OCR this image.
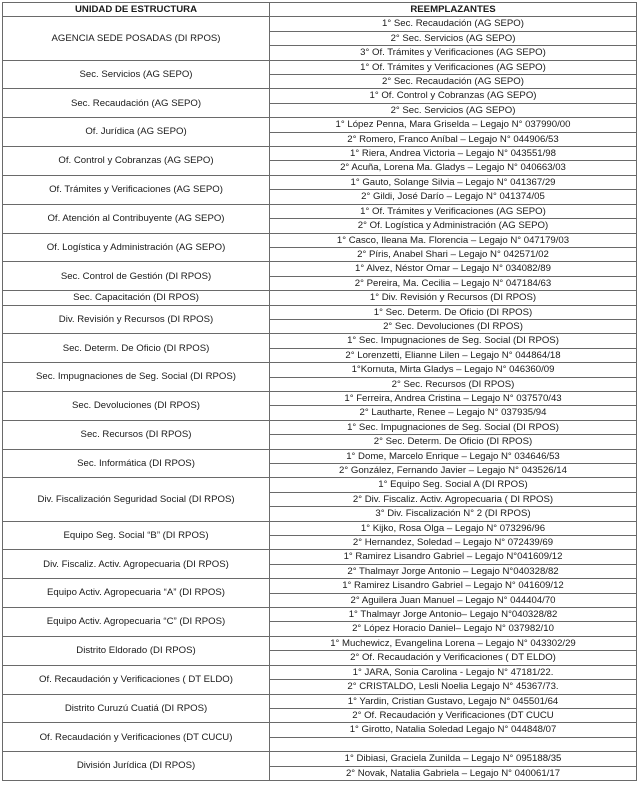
UNIDAD DE ESTRUCTURA	REEMPLAZANTES
AGENCIA SEDE POSADAS (DI RPOS)	1° Sec. Recaudación (AG SEPO)
	2° Sec. Servicios (AG SEPO)
	3° Of. Trámites y Verificaciones (AG SEPO)
Sec. Servicios (AG SEPO)	1° Of. Trámites y Verificaciones (AG SEPO)
	2° Sec. Recaudación (AG SEPO)
Sec. Recaudación (AG SEPO)	1° Of. Control y Cobranzas (AG SEPO)
	2° Sec. Servicios (AG SEPO)
Of. Jurídica (AG SEPO)	1° López Penna, Mara Griselda – Legajo N° 037990/00
	2° Romero, Franco Aníbal – Legajo N° 044906/53
Of. Control y Cobranzas (AG SEPO)	1° Riera, Andrea Victoria – Legajo N° 043551/98
	2° Acuña, Lorena Ma. Gladys – Legajo N° 040663/03
Of. Trámites y Verificaciones (AG SEPO)	1° Gauto, Solange Silvia – Legajo N° 041367/29
	2° Gildi, José Darío – Legajo N° 041374/05
Of. Atención al Contribuyente (AG SEPO)	1° Of. Trámites y Verificaciones (AG SEPO)
	2° Of. Logística y Administración (AG SEPO)
Of. Logística y Administración (AG SEPO)	1° Casco, Ileana Ma. Florencia – Legajo N° 047179/03
	2° Píris, Anabel Shari – Legajo N° 042571/02
Sec. Control de Gestión (DI RPOS)	1° Alvez, Néstor Omar – Legajo N° 034082/89
	2° Pereira, Ma. Cecilia – Legajo N° 047184/63
Sec. Capacitación (DI RPOS)	1° Div. Revisión y Recursos (DI RPOS)
Div. Revisión y Recursos (DI RPOS)	1° Sec. Determ. De Oficio (DI RPOS)
	2° Sec. Devoluciones (DI RPOS)
Sec. Determ. De Oficio (DI RPOS)	1° Sec. Impugnaciones de Seg. Social (DI RPOS)
	2° Lorenzetti, Elianne Lilen – Legajo N° 044864/18
Sec. Impugnaciones de Seg. Social (DI RPOS)	1°Kornuta, Mirta Gladys – Legajo N° 046360/09
	2° Sec. Recursos (DI RPOS)
Sec. Devoluciones (DI RPOS)	1° Ferreira, Andrea Cristina – Legajo N° 037570/43
	2° Lautharte, Renee – Legajo N° 037935/94
Sec. Recursos (DI RPOS)	1° Sec. Impugnaciones de Seg. Social (DI RPOS)
	2° Sec. Determ. De Oficio (DI RPOS)
Sec. Informática (DI RPOS)	1° Dome, Marcelo Enrique – Legajo N° 034646/53
	2° González, Fernando Javier – Legajo N° 043526/14
Div. Fiscalización Seguridad Social (DI RPOS)	1° Equipo Seg. Social A (DI RPOS)
	2° Div. Fiscaliz. Activ. Agropecuaria ( DI RPOS)
	3° Div. Fiscalización N° 2 (DI RPOS)
Equipo Seg. Social “B” (DI RPOS)	1° Kijko, Rosa Olga – Legajo N° 073296/96
	2° Hernandez, Soledad – Legajo N° 072439/69
Div. Fiscaliz. Activ. Agropecuaria (DI RPOS)	1° Ramirez Lisandro Gabriel – Legajo N°041609/12
	2° Thalmayr Jorge Antonio – Legajo N°040328/82
Equipo Activ. Agropecuaria “A” (DI RPOS)	1° Ramirez Lisandro Gabriel – Legajo N° 041609/12
	2° Aguilera Juan Manuel – Legajo N° 044404/70
Equipo Activ. Agropecuaria “C” (DI RPOS)	1° Thalmayr Jorge Antonio– Legajo N°040328/82
	2° López Horacio Daniel– Legajo N° 037982/10
Distrito Eldorado (DI RPOS)	1° Muchewicz, Evangelina Lorena – Legajo N° 043302/29
	2° Of. Recaudación y Verificaciones ( DT ELDO)
Of. Recaudación y Verificaciones ( DT ELDO)	1° JARA, Sonia Carolina - Legajo N° 47181/22.
	2° CRISTALDO, Lesli Noelia Legajo N° 45367/73.
Distrito Curuzú Cuatiá (DI RPOS)	1° Yardin, Cristian Gustavo, Legajo N° 045501/64
	2° Of. Recaudación y Verificaciones (DT CUCU
Of. Recaudación y Verificaciones (DT CUCU)	1° Girotto, Natalia Soledad Legajo N° 044848/07

División Jurídica (DI RPOS)	1° Dibiasi, Graciela Zunilda – Legajo N° 095188/35
	2° Novak, Natalia Gabriela – Legajo N° 040061/17
